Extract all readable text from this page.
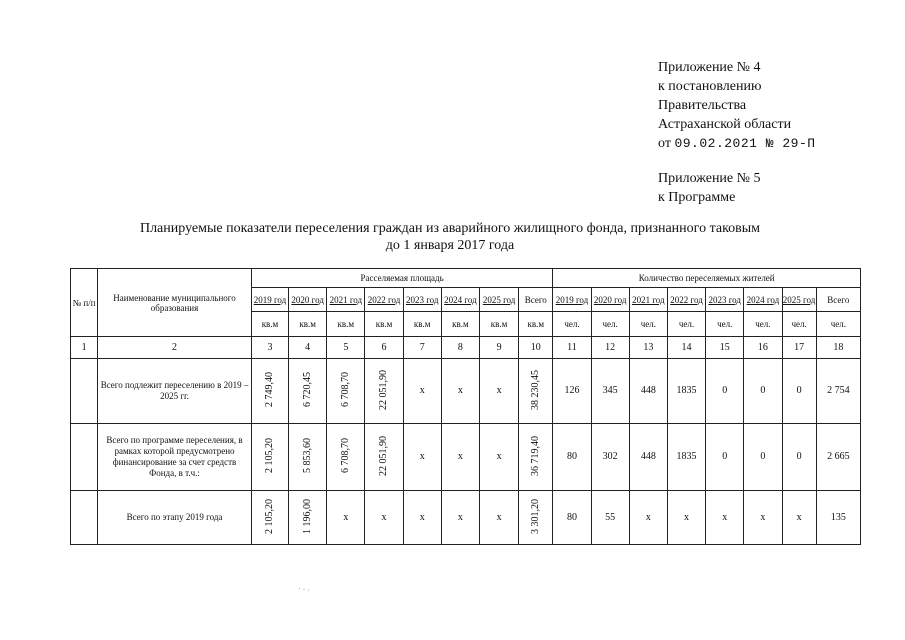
Приложение № 4
к постановлению
Правительства
Астраханской области
от 09.02.2021 № 29-П
Приложение № 5
к Программе
Планируемые показатели переселения граждан из аварийного жилищного фонда, признанного таковым
до 1 января 2017 года
№ п/п	Наименование муниципального образования	Расселяемая площадь								Количество переселяемых жителей							
		2019 год	2020 год	2021 год	2022 год	2023 год	2024 год	2025 год	Всего	2019 год	2020 год	2021 год	2022 год	2023 год	2024 год	2025 год	Всего
		кв.м	кв.м	кв.м	кв.м	кв.м	кв.м	кв.м	кв.м	чел.	чел.	чел.	чел.	чел.	чел.	чел.	чел.
1	2	3	4	5	6	7	8	9	10	11	12	13	14	15	16	17	18
	Всего подлежит переселению в 2019 – 2025 гг.	2 749,40	6 720,45	6 708,70	22 051,90	х	х	х	38 230,45	126	345	448	1835	0	0	0	2 754
	Всего по программе переселения, в рамках которой предусмотрено финансирование за счет средств Фонда, в т.ч.:	2 105,20	5 853,60	6 708,70	22 051,90	х	х	х	36 719,40	80	302	448	1835	0	0	0	2 665
	Всего по этапу 2019 года	2 105,20	1 196,00	х	х	х	х	х	3 301,20	80	55	х	х	х	х	х	135
· · ·
